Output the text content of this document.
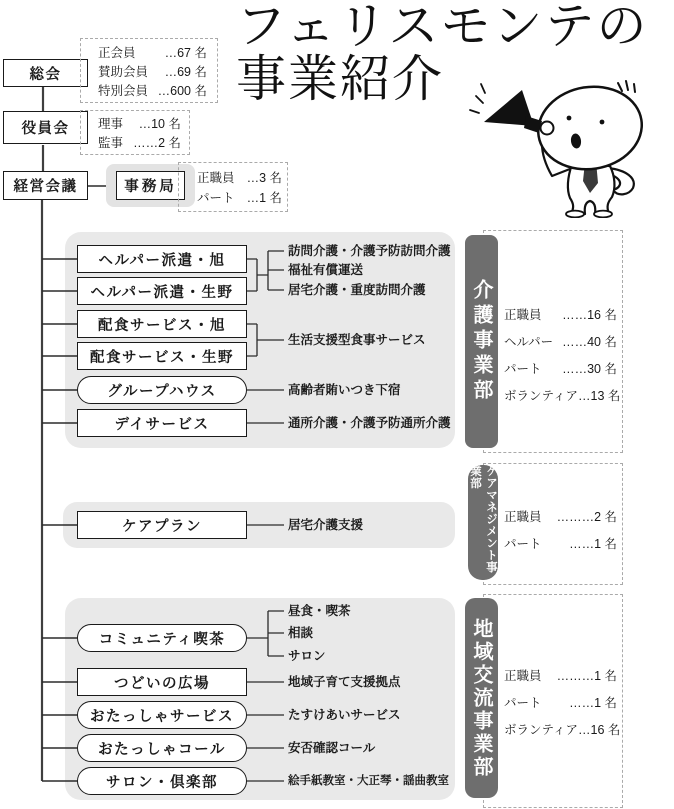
フェリスモンテの
事業紹介
総会
正会員 …67 名
賛助会員 …69 名
特別会員 …600 名
役員会 理事 …10 名
監事 ……2 名
経営会議	事務局
正職員 …3 名
パート …1 名
ヘルパー派遣・旭
ヘルパー派遣・生野
配食サービス・旭
配食サービス・生野
グループハウス
デイサービス
訪問介護・介護予防訪問介護
福祉有償運送
居宅介護・重度訪問介護
生活支援型食事サービス
高齢者賄いつき下宿
通所介護・介護予防通所介護
正職員 ……16 名
ヘルパー ……40 名
パート ……30 名
ボランティア …13 名
介護事業部
ケアプラン	居宅介護支援
正職員 ………2 名
パート ……1 名
ケアマネジメント事業部
コミュニティ喫茶
つどいの広場
おたっしゃサービス
おたっしゃコール
サロン・倶楽部
昼食・喫茶
相談
サロン
地域子育て支援拠点
たすけあいサービス
安否確認コール
絵手紙教室・大正琴・謡曲教室
正職員 ………1 名
パート ……1 名
ボランティア …16 名
地域交流事業部
